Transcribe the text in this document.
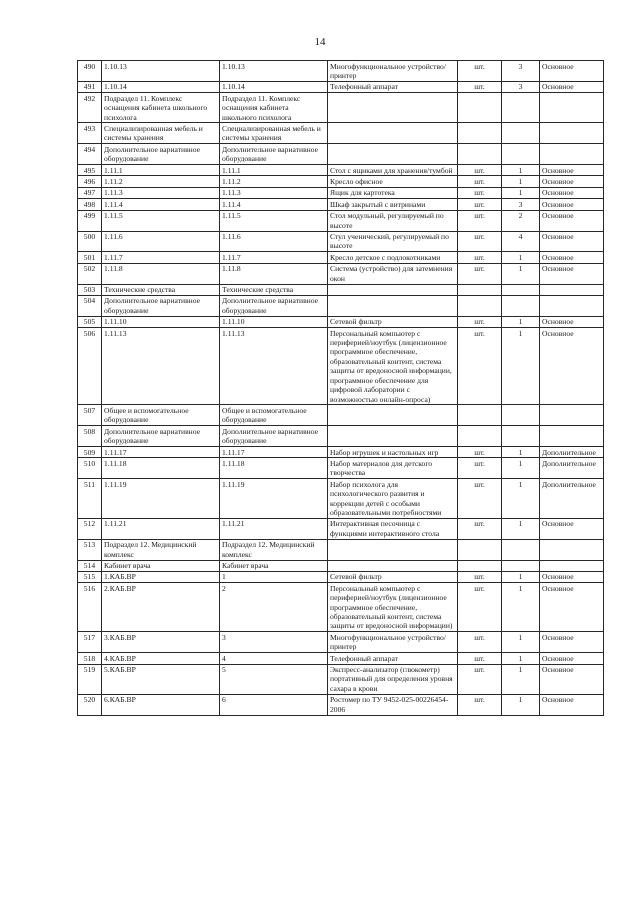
14
490	1.10.13	1.10.13	Многофункциональное устройство/принтер	шт.	3	Основное
491	1.10.14	1.10.14	Телефонный аппарат	шт.	3	Основное
492	Подраздел 11. Комплекс оснащения кабинета школьного психолога	Подраздел 11. Комплекс оснащения кабинета школьного психолога				
493	Специализированная мебель и системы хранения	Специализированная мебель и системы хранения				
494	Дополнительное вариативное оборудование	Дополнительное вариативное оборудование				
495	1.11.1	1.11.1	Стол с ящиками для хранения/тумбой	шт.	1	Основное
496	1.11.2	1.11.2	Кресло офисное	шт.	1	Основное
497	1.11.3	1.11.3	Ящик для картотека	шт.	1	Основное
498	1.11.4	1.11.4	Шкаф закрытый с витринами	шт.	3	Основное
499	1.11.5	1.11.5	Стол модульный, регулируемый по высоте	шт.	2	Основное
500	1.11.6	1.11.6	Стул ученический, регулируемый по высоте	шт.	4	Основное
501	1.11.7	1.11.7	Кресло детское с подлокотниками	шт.	1	Основное
502	1.11.8	1.11.8	Система (устройство) для затемнения окон	шт.	1	Основное
503	Технические средства	Технические средства				
504	Дополнительное вариативное оборудование	Дополнительное вариативное оборудование				
505	1.11.10	1.11.10	Сетевой фильтр	шт.	1	Основное
506	1.11.13	1.11.13	Персональный компьютер с периферией/ноутбук (лицензионное программное обеспечение, образовательный контент, система защиты от вредоносной информации, программное обеспечение для цифровой лаборатории с возможностью онлайн-опроса)	шт.	1	Основное
507	Общее и вспомогательное оборудование	Общее и вспомогательное оборудование				
508	Дополнительное вариативное оборудование	Дополнительное вариативное оборудование				
509	1.11.17	1.11.17	Набор игрушек и настольных игр	шт.	1	Дополнительное
510	1.11.18	1.11.18	Набор материалов для детского творчества	шт.	1	Дополнительное
511	1.11.19	1.11.19	Набор психолога для психологического развития и коррекции детей с особыми образовательными потребностями	шт.	1	Дополнительное
512	1.11.21	1.11.21	Интерактивная песочница с функциями интерактивного стола	шт.	1	Основное
513	Подраздел 12. Медицинский комплекс	Подраздел 12. Медицинский комплекс				
514	Кабинет врача	Кабинет врача				
515	1.КАБ.ВР	1	Сетевой фильтр	шт.	1	Основное
516	2.КАБ.ВР	2	Персональный компьютер с периферией/ноутбук (лицензионное программное обеспечение, образовательный контент, система защиты от вредоносной информации)	шт.	1	Основное
517	3.КАБ.ВР	3	Многофункциональное устройство/принтер	шт.	1	Основное
518	4.КАБ.ВР	4	Телефонный аппарат	шт.	1	Основное
519	5.КАБ.ВР	5	Экспресс-анализатор (глюкометр) портативный для определения уровня сахара в крови	шт.	1	Основное
520	6.КАБ.ВР	6	Ростомер по ТУ 9452-025-00226454-2006	шт.	1	Основное
